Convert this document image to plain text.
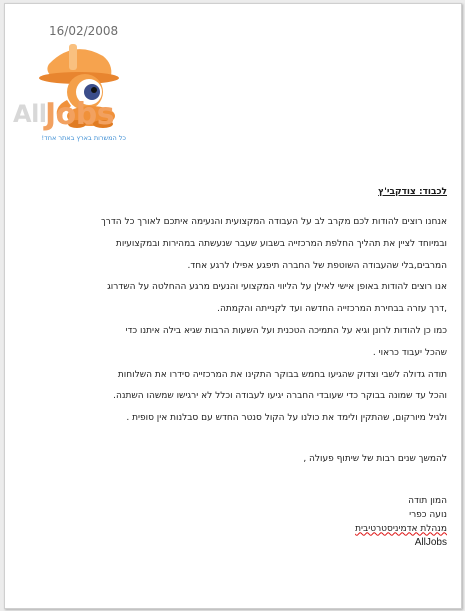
16/02/2008
All
Jobs
כל המשרות בארץ באתר אחד!
לכבוד: צודקבי'ץ
אנחנו רוצים להודות לכם מקרב לב על העבודה המקצועית והנעימה איתכם לאורך כל הדרך
ובמיוחד לציין את תהליך החלפת המרכזייה בשבוע שעבר שנעשתה במהירות ובמקצועיות
המרבים,בלי שהעבודה השוטפת של החברה תיפגע אפילו לרגע אחד.
אנו רוצים להודות באופן אישי לאילן על הליווי המקצועי והנעים מרגע ההחלטה על השדרוג
,דרך עזרה בבחירת המרכזייה החדשה ועד לקנייתה והקמתה.
כמו כן להודות לרונן וגיא על התמיכה הטכנית ועל השעות הרבות שגיא בילה איתנו כדי
שהכל יעבוד כראוי .
תודה גדולה לשבי וצדוק שהגיעו בחמש בבוקר התקינו את המרכזייה סידרו את השלוחות
והכל עד שמונה בבוקר כדי שעובדי החברה יגיעו לעבודה וכלל לא ירגישו שמשהו השתנה.
ולגיל מיורקום, שהתקין ולימד את כולנו על הקול סנטר החדש עם סבלנות אין סופית .
להמשך שנים רבות של שיתוף פעולה ,
המון תודה
נועה כפרי
מנהלת אדמיניסטרטיבית
AllJobs
